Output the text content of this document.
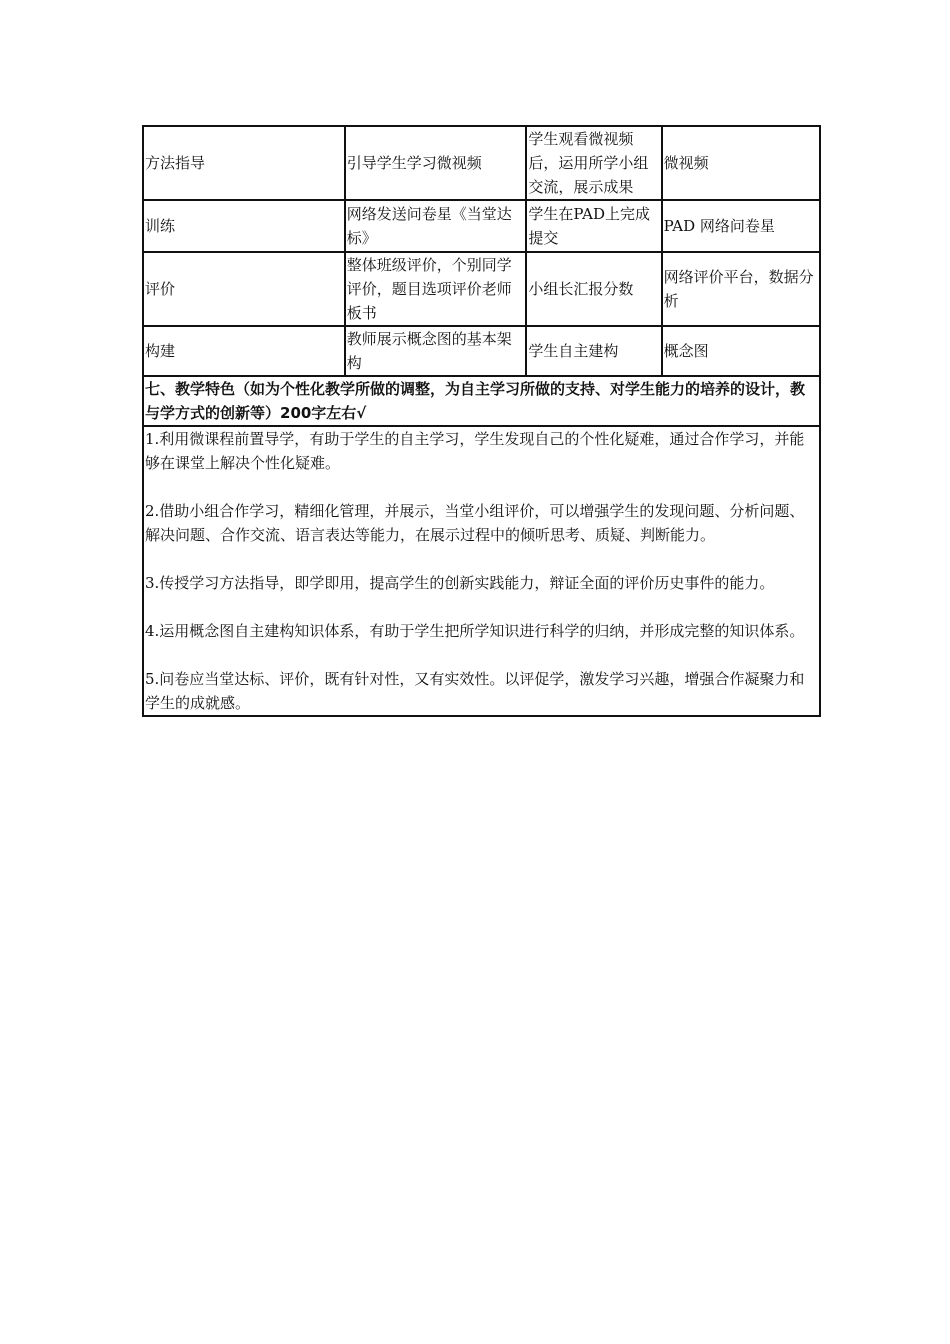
方法指导	引导学生学习微视频	学生观看微视频后，运用所学小组交流，展示成果	微视频
训练	网络发送问卷星《当堂达标》	学生在PAD上完成提交	PAD 网络问卷星
评价	整体班级评价，个别同学评价，题目选项评价老师板书	小组长汇报分数	网络评价平台，数据分析
构建	教师展示概念图的基本架构	学生自主建构	概念图
七、教学特色（如为个性化教学所做的调整，为自主学习所做的支持、对学生能力的培养的设计，教与学方式的创新等）200字左右√			

1.利用微课程前置导学，有助于学生的自主学习，学生发现自己的个性化疑难，通过合作学习，并能够在课堂上解决个性化疑难。

2.借助小组合作学习，精细化管理，并展示，当堂小组评价，可以增强学生的发现问题、分析问题、解决问题、合作交流、语言表达等能力，在展示过程中的倾听思考、质疑、判断能力。

3.传授学习方法指导，即学即用，提高学生的创新实践能力，辩证全面的评价历史事件的能力。

4.运用概念图自主建构知识体系，有助于学生把所学知识进行科学的归纳，并形成完整的知识体系。

5.问卷应当堂达标、评价，既有针对性，又有实效性。以评促学，激发学习兴趣，增强合作凝聚力和学生的成就感。			
